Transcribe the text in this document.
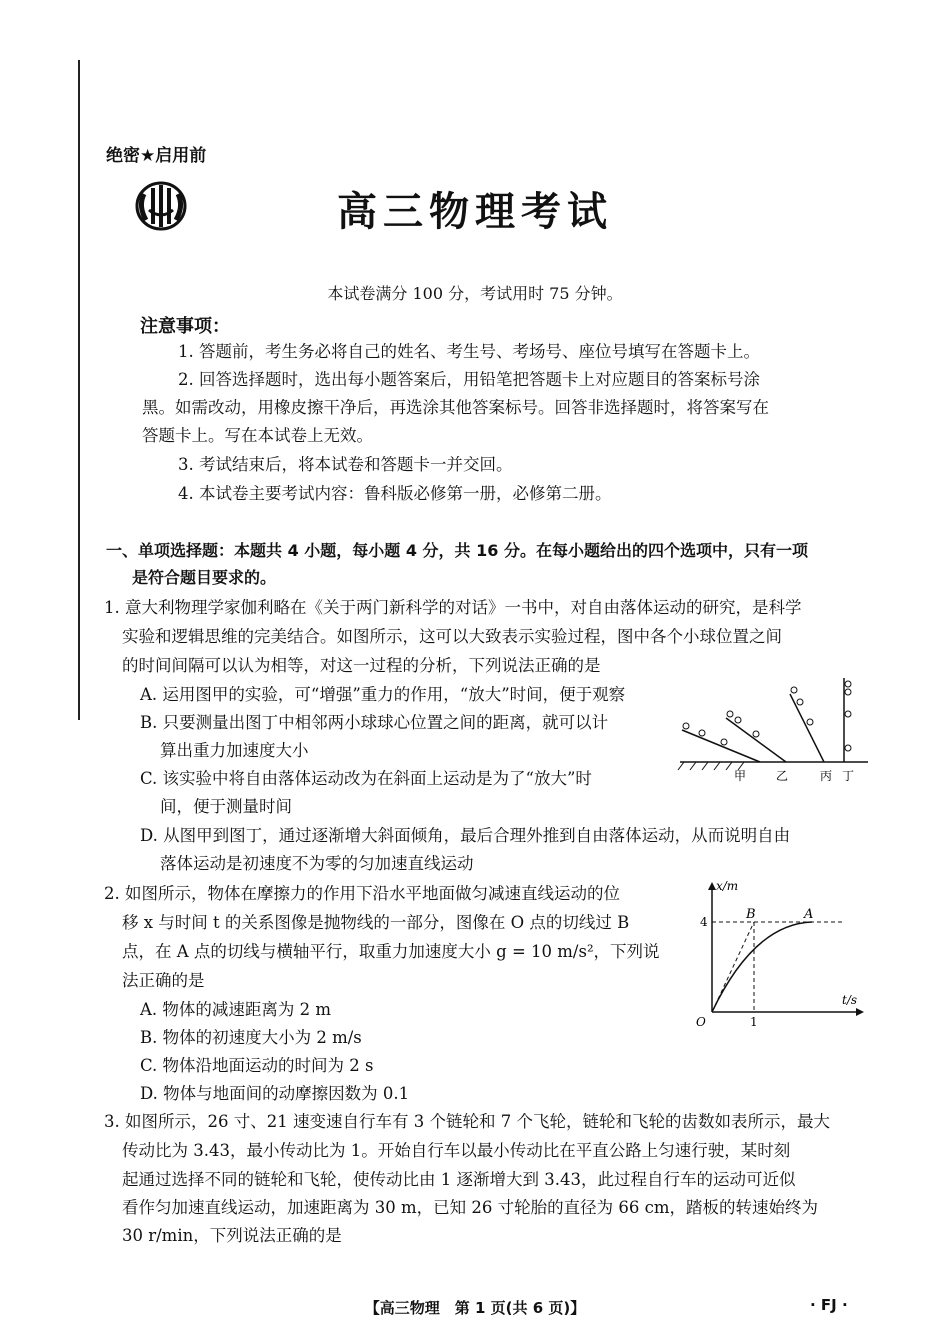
绝密★启用前
高三物理考试
本试卷满分 100 分，考试用时 75 分钟。
注意事项：
1. 答题前，考生务必将自己的姓名、考生号、考场号、座位号填写在答题卡上。
2. 回答选择题时，选出每小题答案后，用铅笔把答题卡上对应题目的答案标号涂
黑。如需改动，用橡皮擦干净后，再选涂其他答案标号。回答非选择题时，将答案写在
答题卡上。写在本试卷上无效。
3. 考试结束后，将本试卷和答题卡一并交回。
4. 本试卷主要考试内容：鲁科版必修第一册，必修第二册。
一、单项选择题：本题共 4 小题，每小题 4 分，共 16 分。在每小题给出的四个选项中，只有一项
是符合题目要求的。
1. 意大利物理学家伽利略在《关于两门新科学的对话》一书中，对自由落体运动的研究，是科学
实验和逻辑思维的完美结合。如图所示，这可以大致表示实验过程，图中各个小球位置之间
的时间间隔可以认为相等，对这一过程的分析，下列说法正确的是
A. 运用图甲的实验，可“增强”重力的作用，“放大”时间，便于观察
B. 只要测量出图丁中相邻两小球球心位置之间的距离，就可以计
算出重力加速度大小
C. 该实验中将自由落体运动改为在斜面上运动是为了“放大”时
间，便于测量时间
D. 从图甲到图丁，通过逐渐增大斜面倾角，最后合理外推到自由落体运动，从而说明自由
落体运动是初速度不为零的匀加速直线运动
甲 乙	丙 丁
2. 如图所示，物体在摩擦力的作用下沿水平地面做匀减速直线运动的位
移 x 与时间 t 的关系图像是抛物线的一部分，图像在 O 点的切线过 B
点，在 A 点的切线与横轴平行，取重力加速度大小 g = 10 m/s²，下列说
法正确的是
A. 物体的减速距离为 2 m
B. 物体的初速度大小为 2 m/s
C. 物体沿地面运动的时间为 2 s
D. 物体与地面间的动摩擦因数为 0.1
x/m
t/s
O
4
1
B	A
3. 如图所示，26 寸、21 速变速自行车有 3 个链轮和 7 个飞轮，链轮和飞轮的齿数如表所示，最大
传动比为 3.43，最小传动比为 1。开始自行车以最小传动比在平直公路上匀速行驶，某时刻
起通过选择不同的链轮和飞轮，使传动比由 1 逐渐增大到 3.43，此过程自行车的运动可近似
看作匀加速直线运动，加速距离为 30 m，已知 26 寸轮胎的直径为 66 cm，踏板的转速始终为
30 r/min，下列说法正确的是
【高三物理　第 1 页(共 6 页)】	· FJ ·
